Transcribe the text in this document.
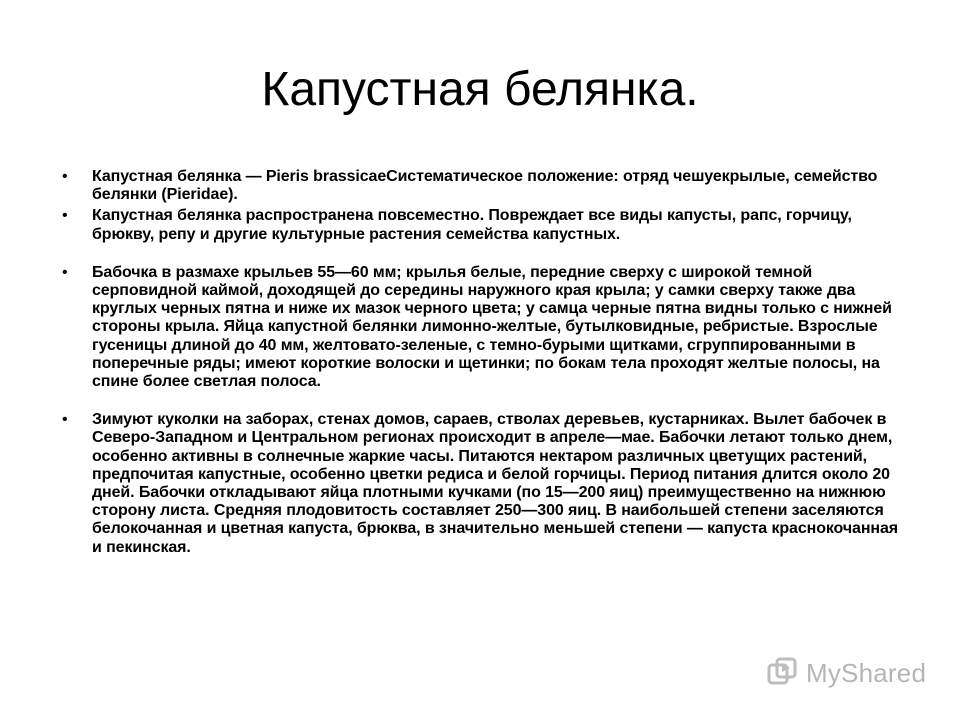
Капустная белянка.
• Капустная белянка — Pieris brassicaeСистематическое положение: отряд чешуекрылые, семейство белянки (Pieridae).
• Капустная белянка распространена повсеместно. Повреждает все виды капусты, рапс, горчицу, брюкву, репу и другие культурные растения семейства капустных.
• Бабочка в размахе крыльев 55—60 мм; крылья белые, передние сверху с широкой темной серповидной каймой, доходящей до середины наружного края крыла; у самки сверху также два круглых черных пятна и ниже их мазок черного цвета; у самца черные пятна видны только с нижней стороны крыла. Яйца капустной белянки лимонно-желтые, бутылковидные, ребристые. Взрослые гусеницы длиной до 40 мм, желтовато-зеленые, с темно-бурыми щитками, сгруппированными в поперечные ряды; имеют короткие волоски и щетинки; по бокам тела проходят желтые полосы, на спине более светлая полоса.
• Зимуют куколки на заборах, стенах домов, сараев, стволах деревьев, кустарниках. Вылет бабочек в Северо-Западном и Центральном регионах происходит в апреле—мае. Бабочки летают только днем, особенно активны в солнечные жаркие часы. Питаются нектаром различных цветущих растений, предпочитая капустные, особенно цветки редиса и белой горчицы. Период питания длится около 20 дней. Бабочки откладывают яйца плотными кучками (по 15—200 яиц) преимущественно на нижнюю сторону листа. Средняя плодовитость составляет 250—300 яиц. В наибольшей степени заселяются белокочанная и цветная капуста, брюква, в значительно меньшей степени — капуста краснокочанная и пекинская.
MyShared
